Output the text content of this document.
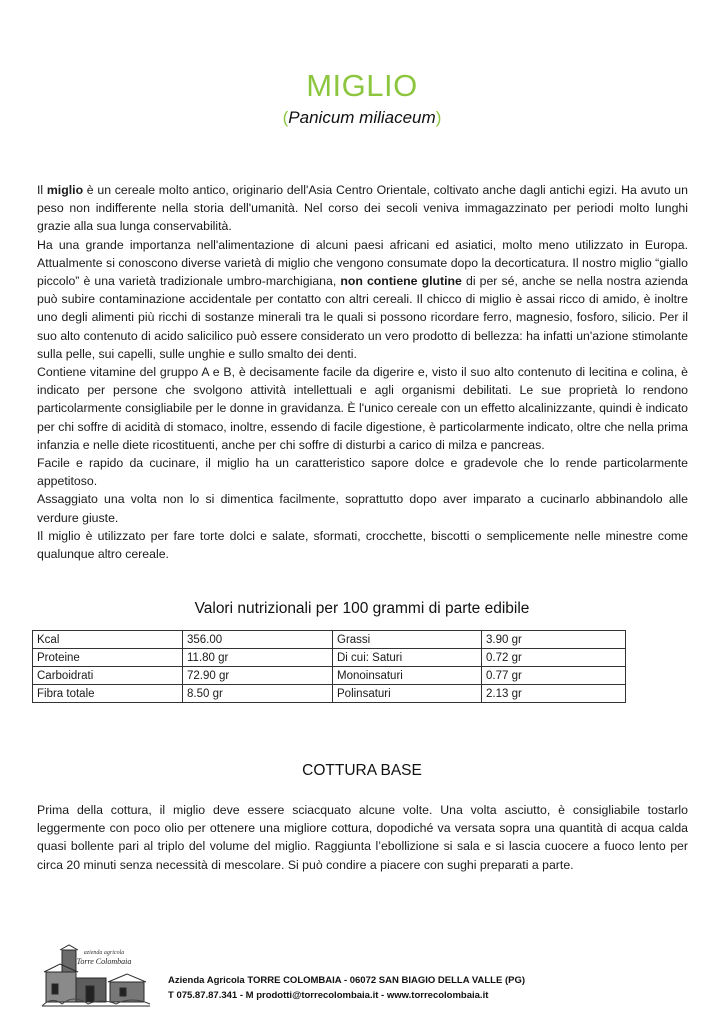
MIGLIO
(Panicum miliaceum)

Il miglio è un cereale molto antico, originario dell'Asia Centro Orientale, coltivato anche dagli antichi egizi. Ha avuto un peso non indifferente nella storia dell'umanità. Nel corso dei secoli veniva immagazzinato per periodi molto lunghi grazie alla sua lunga conservabilità.

Ha una grande importanza nell'alimentazione di alcuni paesi africani ed asiatici, molto meno utilizzato in Europa. Attualmente si conoscono diverse varietà di miglio che vengono consumate dopo la decorticatura. Il nostro miglio “giallo piccolo” è una varietà tradizionale umbro-marchigiana, non contiene glutine di per sé, anche se nella nostra azienda può subire contaminazione accidentale per contatto con altri cereali. Il chicco di miglio è assai ricco di amido, è inoltre uno degli alimenti più ricchi di sostanze minerali tra le quali si possono ricordare ferro, magnesio, fosforo, silicio. Per il suo alto contenuto di acido salicilico può essere considerato un vero prodotto di bellezza: ha infatti un'azione stimolante sulla pelle, sui capelli, sulle unghie e sullo smalto dei denti.

Contiene vitamine del gruppo A e B, è decisamente facile da digerire e, visto il suo alto contenuto di lecitina e colina, è indicato per persone che svolgono attività intellettuali e agli organismi debilitati. Le sue proprietà lo rendono particolarmente consigliabile per le donne in gravidanza. È l'unico cereale con un effetto alcalinizzante, quindi è indicato per chi soffre di acidità di stomaco, inoltre, essendo di facile digestione, è particolarmente indicato, oltre che nella prima infanzia e nelle diete ricostituenti, anche per chi soffre di disturbi a carico di milza e pancreas.

Facile e rapido da cucinare, il miglio ha un caratteristico sapore dolce e gradevole che lo rende particolarmente appetitoso.

Assaggiato una volta non lo si dimentica facilmente, soprattutto dopo aver imparato a cucinarlo abbinandolo alle verdure giuste.

Il miglio è utilizzato per fare torte dolci e salate, sformati, crocchette, biscotti o semplicemente nelle minestre come qualunque altro cereale.

Valori nutrizionali per 100 grammi di parte edibile
Kcal	356.00	Grassi	3.90 gr
Proteine	11.80 gr	Di cui: Saturi	0.72 gr
Carboidrati	72.90 gr	Monoinsaturi	0.77 gr
Fibra totale	8.50 gr	Polinsaturi	2.13 gr
COTTURA BASE
Prima della cottura, il miglio deve essere sciacquato alcune volte. Una volta asciutto, è consigliabile tostarlo leggermente con poco olio per ottenere una migliore cottura, dopodiché va versata sopra una quantità di acqua calda quasi bollente pari al triplo del volume del miglio. Raggiunta l’ebollizione si sala e si lascia cuocere a fuoco lento per circa 20 minuti senza necessità di mescolare. Si può condire a piacere con sughi preparati a parte.
azienda agricola
Torre Colombaia
Azienda Agricola TORRE COLOMBAIA - 06072 SAN BIAGIO DELLA VALLE (PG)
T 075.87.87.341 - M prodotti@torrecolombaia.it - www.torrecolombaia.it
